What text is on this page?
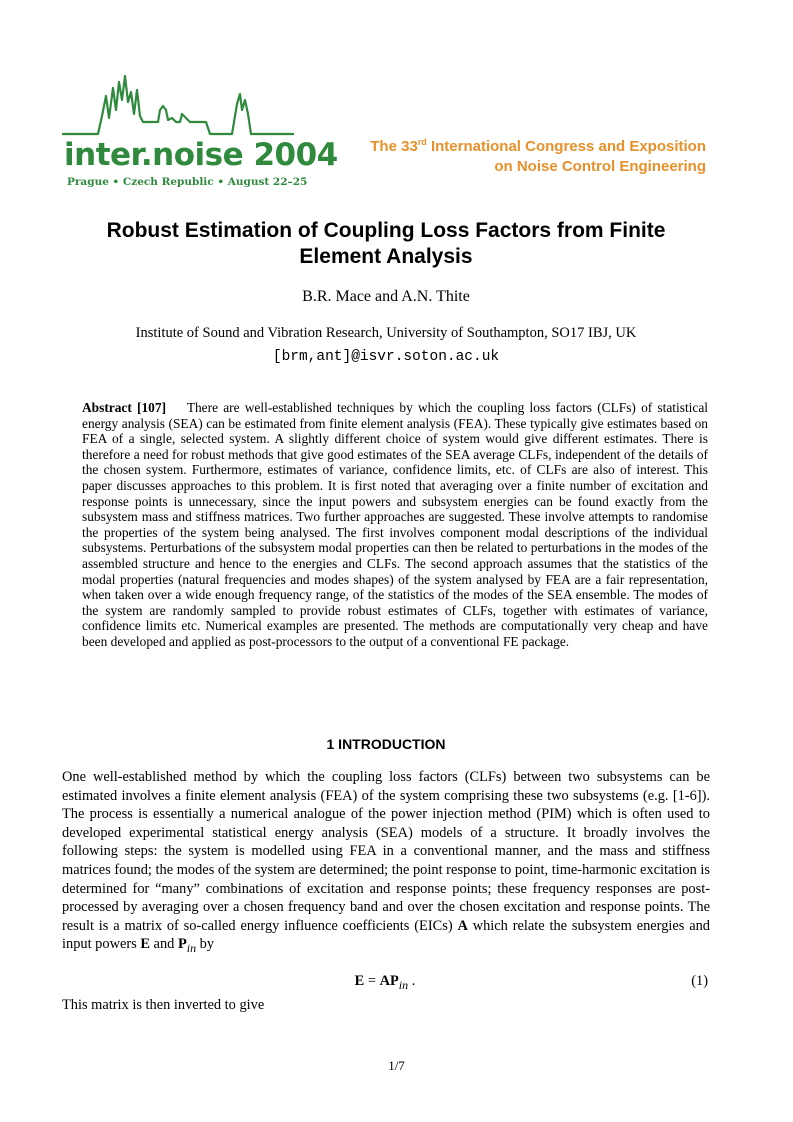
inter.noise 2004
Prague • Czech Republic • August 22–25
The 33rd International Congress and Exposition
on Noise Control Engineering
Robust Estimation of Coupling Loss Factors from Finite
Element Analysis
B.R. Mace and A.N. Thite
Institute of Sound and Vibration Research, University of Southampton, SO17 IBJ, UK
[brm,ant]@isvr.soton.ac.uk
Abstract [107] There are well-established techniques by which the coupling loss factors (CLFs) of statistical energy analysis (SEA) can be estimated from finite element analysis (FEA). These typically give estimates based on FEA of a single, selected system. A slightly different choice of system would give different estimates. There is therefore a need for robust methods that give good estimates of the SEA average CLFs, independent of the details of the chosen system. Furthermore, estimates of variance, confidence limits, etc. of CLFs are also of interest. This paper discusses approaches to this problem. It is first noted that averaging over a finite number of excitation and response points is unnecessary, since the input powers and subsystem energies can be found exactly from the subsystem mass and stiffness matrices. Two further approaches are suggested. These involve attempts to randomise the properties of the system being analysed. The first involves component modal descriptions of the individual subsystems. Perturbations of the subsystem modal properties can then be related to perturbations in the modes of the assembled structure and hence to the energies and CLFs. The second approach assumes that the statistics of the modal properties (natural frequencies and modes shapes) of the system analysed by FEA are a fair representation, when taken over a wide enough frequency range, of the statistics of the modes of the SEA ensemble. The modes of the system are randomly sampled to provide robust estimates of CLFs, together with estimates of variance, confidence limits etc. Numerical examples are presented. The methods are computationally very cheap and have been developed and applied as post-processors to the output of a conventional FE package.
1 INTRODUCTION
One well-established method by which the coupling loss factors (CLFs) between two subsystems can be estimated involves a finite element analysis (FEA) of the system comprising these two subsystems (e.g. [1-6]). The process is essentially a numerical analogue of the power injection method (PIM) which is often used to developed experimental statistical energy analysis (SEA) models of a structure. It broadly involves the following steps: the system is modelled using FEA in a conventional manner, and the mass and stiffness matrices found; the modes of the system are determined; the point response to point, time-harmonic excitation is determined for “many” combinations of excitation and response points; these frequency responses are post-processed by averaging over a chosen frequency band and over the chosen excitation and response points. The result is a matrix of so-called energy influence coefficients (EICs) A which relate the subsystem energies and input powers E and $P_{in}$ by
$E = AP_{in}$ .	(1)
This matrix is then inverted to give
1/7
